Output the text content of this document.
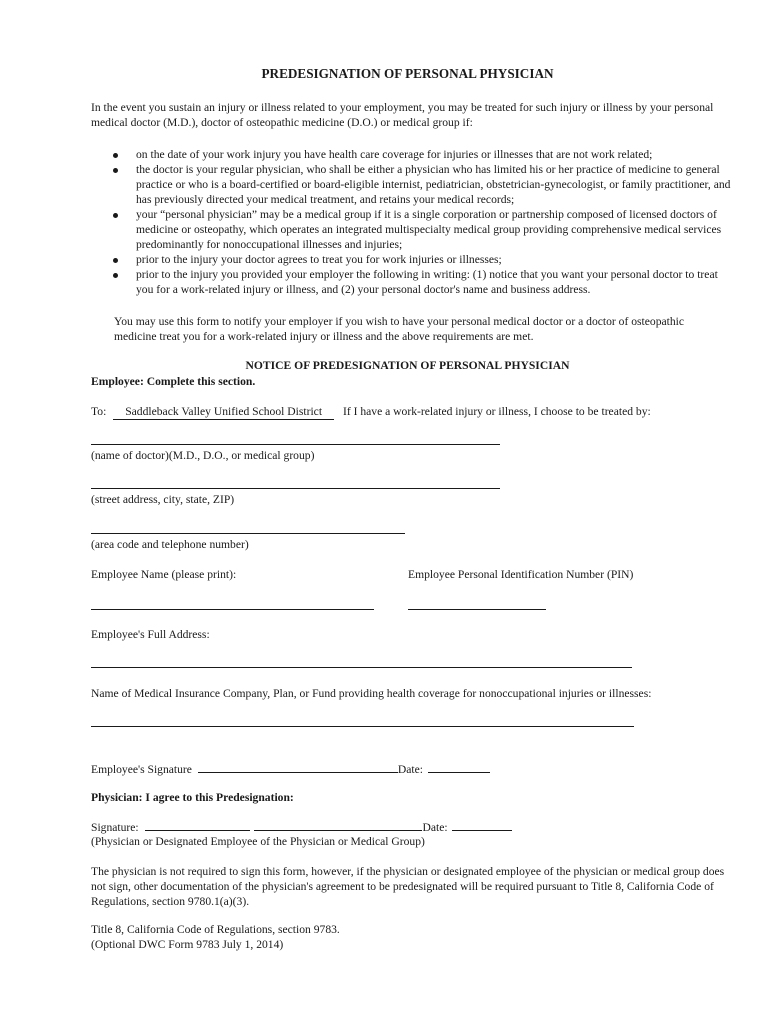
PREDESIGNATION OF PERSONAL PHYSICIAN
In the event you sustain an injury or illness related to your employment, you may be treated for such injury or illness by your personal medical doctor (M.D.), doctor of osteopathic medicine (D.O.) or medical group if:
on the date of your work injury you have health care coverage for injuries or illnesses that are not work related;
the doctor is your regular physician, who shall be either a physician who has limited his or her practice of medicine to general practice or who is a board-certified or board-eligible internist, pediatrician, obstetrician-gynecologist, or family practitioner, and has previously directed your medical treatment, and retains your medical records;
your “personal physician” may be a medical group if it is a single corporation or partnership composed of licensed doctors of medicine or osteopathy, which operates an integrated multispecialty medical group providing comprehensive medical services predominantly for nonoccupational illnesses and injuries;
prior to the injury your doctor agrees to treat you for work injuries or illnesses;
prior to the injury you provided your employer the following in writing: (1) notice that you want your personal doctor to treat you for a work-related injury or illness, and (2) your personal doctor's name and business address.
You may use this form to notify your employer if you wish to have your personal medical doctor or a doctor of osteopathic medicine treat you for a work-related injury or illness and the above requirements are met.
NOTICE OF PREDESIGNATION OF PERSONAL PHYSICIAN
Employee: Complete this section.
To: Saddleback Valley Unified School District If I have a work-related injury or illness, I choose to be treated by:
(name of doctor)(M.D., D.O., or medical group)
(street address, city, state, ZIP)
(area code and telephone number)
Employee Name (please print):	Employee Personal Identification Number (PIN)
Employee's Full Address:
Name of Medical Insurance Company, Plan, or Fund providing health coverage for nonoccupational injuries or illnesses:
Employee's Signature	Date:
Physician: I agree to this Predesignation:
Signature:	Date:
(Physician or Designated Employee of the Physician or Medical Group)
The physician is not required to sign this form, however, if the physician or designated employee of the physician or medical group does not sign, other documentation of the physician's agreement to be predesignated will be required pursuant to Title 8, California Code of Regulations, section 9780.1(a)(3).
Title 8, California Code of Regulations, section 9783.
(Optional DWC Form 9783 July 1, 2014)
